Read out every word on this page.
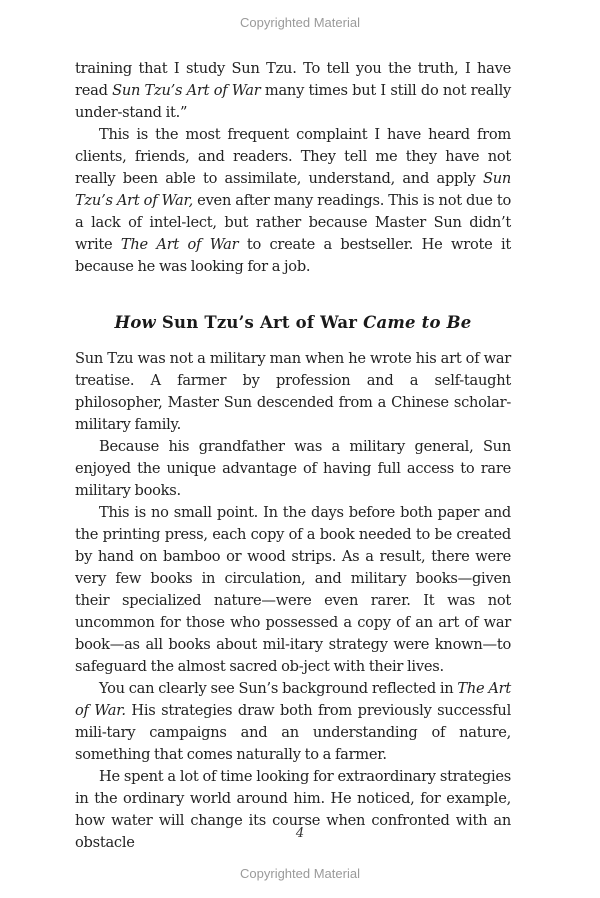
Copyrighted Material

training that I study Sun Tzu. To tell you the truth, I have read Sun Tzu’s Art of War many times but I still do not really under-stand it.”

This is the most frequent complaint I have heard from clients, friends, and readers. They tell me they have not really been able to assimilate, understand, and apply Sun Tzu’s Art of War, even after many readings. This is not due to a lack of intel-lect, but rather because Master Sun didn’t write The Art of War to create a bestseller. He wrote it because he was looking for a job.

How Sun Tzu’s Art of War Came to Be

Sun Tzu was not a military man when he wrote his art of war treatise. A farmer by profession and a self-taught philosopher, Master Sun descended from a Chinese scholar-military family.

Because his grandfather was a military general, Sun enjoyed the unique advantage of having full access to rare military books.

This is no small point. In the days before both paper and the printing press, each copy of a book needed to be created by hand on bamboo or wood strips. As a result, there were very few books in circulation, and military books—given their specialized nature—were even rarer. It was not uncommon for those who possessed a copy of an art of war book—as all books about mil-itary strategy were known—to safeguard the almost sacred ob-ject with their lives.

You can clearly see Sun’s background reflected in The Art of War. His strategies draw both from previously successful mili-tary campaigns and an understanding of nature, something that comes naturally to a farmer.

He spent a lot of time looking for extraordinary strategies in the ordinary world around him. He noticed, for example, how water will change its course when confronted with an obstacle

4
Copyrighted Material
